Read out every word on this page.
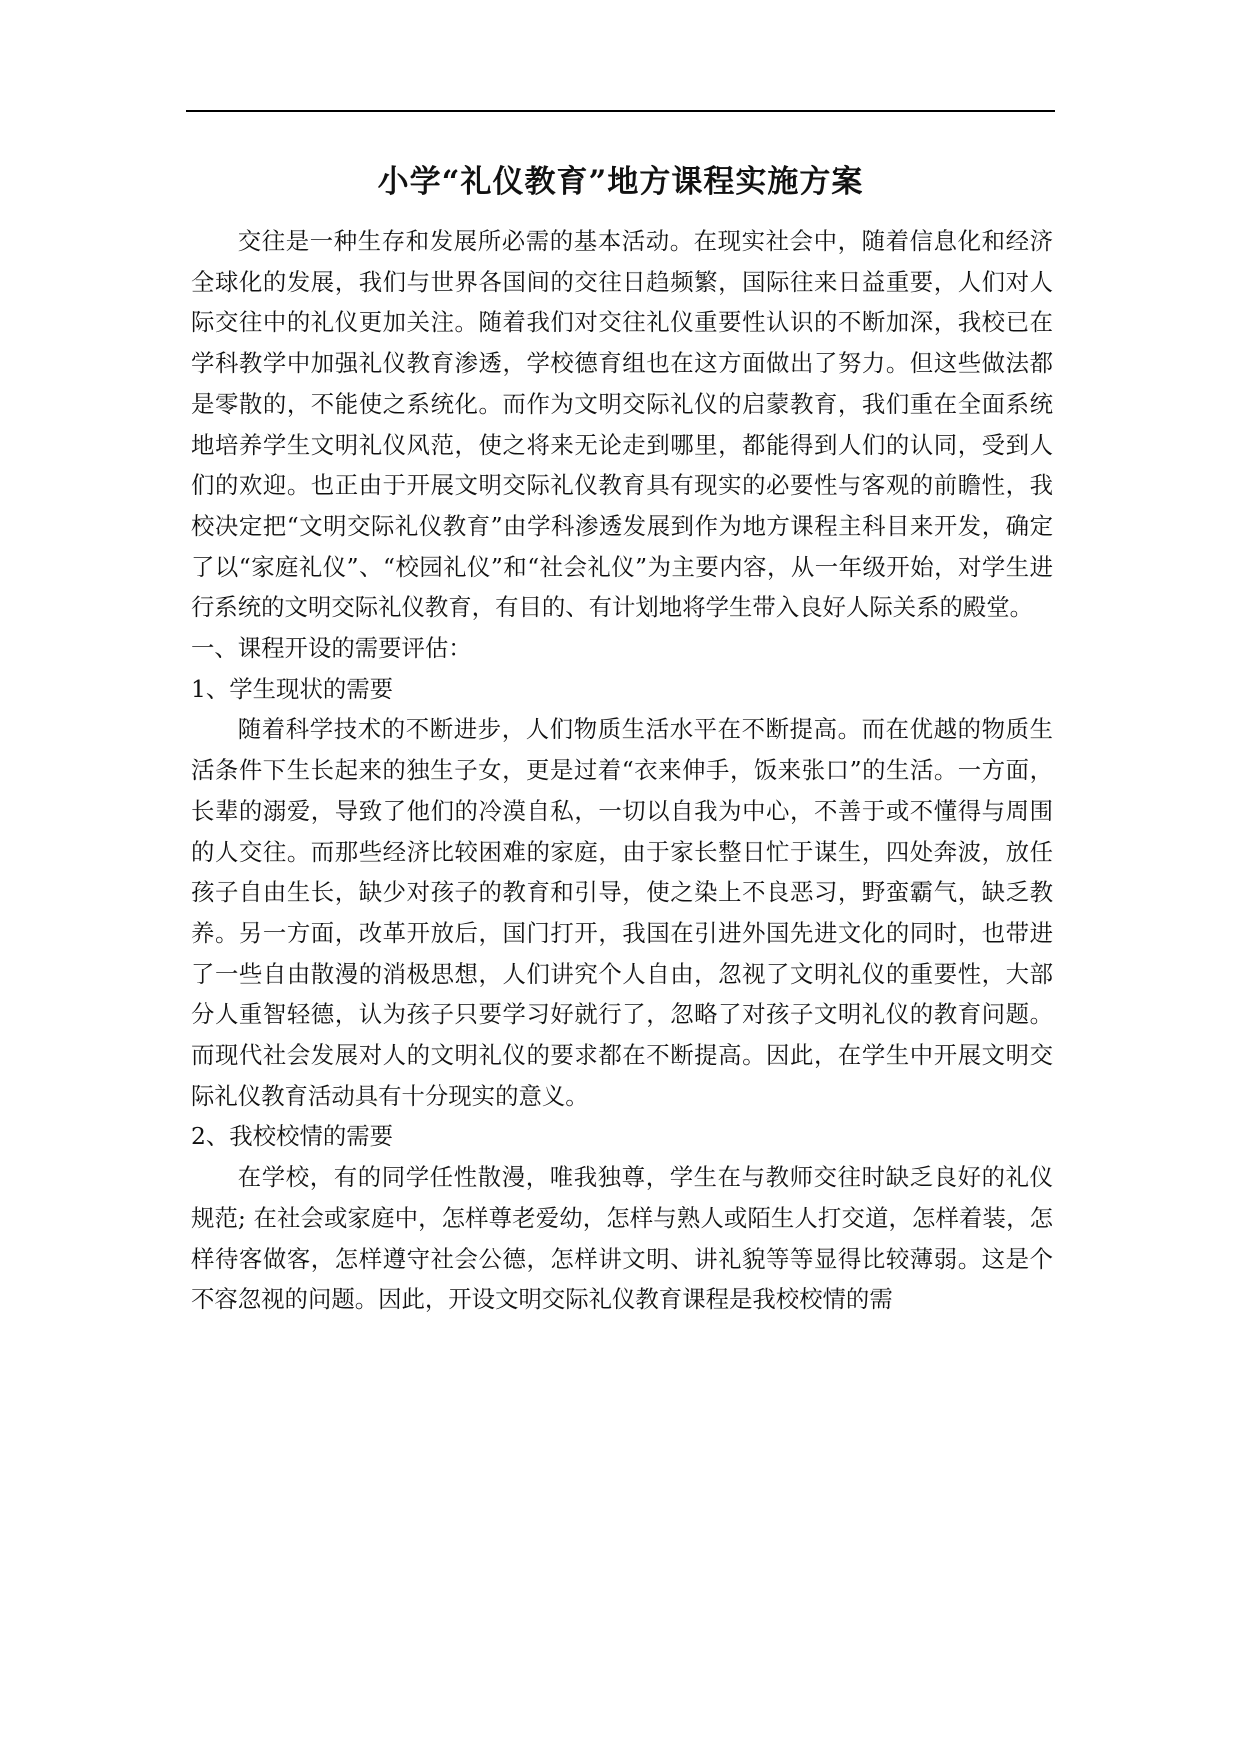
小学“礼仪教育”地方课程实施方案

交往是一种生存和发展所必需的基本活动。在现实社会中，随着信息化和经济全球化的发展，我们与世界各国间的交往日趋频繁，国际往来日益重要，人们对人际交往中的礼仪更加关注。随着我们对交往礼仪重要性认识的不断加深，我校已在学科教学中加强礼仪教育渗透，学校德育组也在这方面做出了努力。但这些做法都是零散的，不能使之系统化。而作为文明交际礼仪的启蒙教育，我们重在全面系统地培养学生文明礼仪风范，使之将来无论走到哪里，都能得到人们的认同，受到人们的欢迎。也正由于开展文明交际礼仪教育具有现实的必要性与客观的前瞻性，我校决定把“文明交际礼仪教育”由学科渗透发展到作为地方课程主科目来开发，确定了以“家庭礼仪”、“校园礼仪”和“社会礼仪”为主要内容，从一年级开始，对学生进行系统的文明交际礼仪教育，有目的、有计划地将学生带入良好人际关系的殿堂。

一、课程开设的需要评估：

1、学生现状的需要

随着科学技术的不断进步，人们物质生活水平在不断提高。而在优越的物质生活条件下生长起来的独生子女，更是过着“衣来伸手，饭来张口”的生活。一方面，长辈的溺爱，导致了他们的冷漠自私，一切以自我为中心，不善于或不懂得与周围的人交往。而那些经济比较困难的家庭，由于家长整日忙于谋生，四处奔波，放任孩子自由生长，缺少对孩子的教育和引导，使之染上不良恶习，野蛮霸气，缺乏教养。另一方面，改革开放后，国门打开，我国在引进外国先进文化的同时，也带进了一些自由散漫的消极思想，人们讲究个人自由，忽视了文明礼仪的重要性，大部分人重智轻德，认为孩子只要学习好就行了，忽略了对孩子文明礼仪的教育问题。而现代社会发展对人的文明礼仪的要求都在不断提高。因此，在学生中开展文明交际礼仪教育活动具有十分现实的意义。

2、我校校情的需要

在学校，有的同学任性散漫，唯我独尊，学生在与教师交往时缺乏良好的礼仪规范; 在社会或家庭中，怎样尊老爱幼，怎样与熟人或陌生人打交道，怎样着装，怎样待客做客，怎样遵守社会公德，怎样讲文明、讲礼貌等等显得比较薄弱。这是个不容忽视的问题。因此，开设文明交际礼仪教育课程是我校校情的需
